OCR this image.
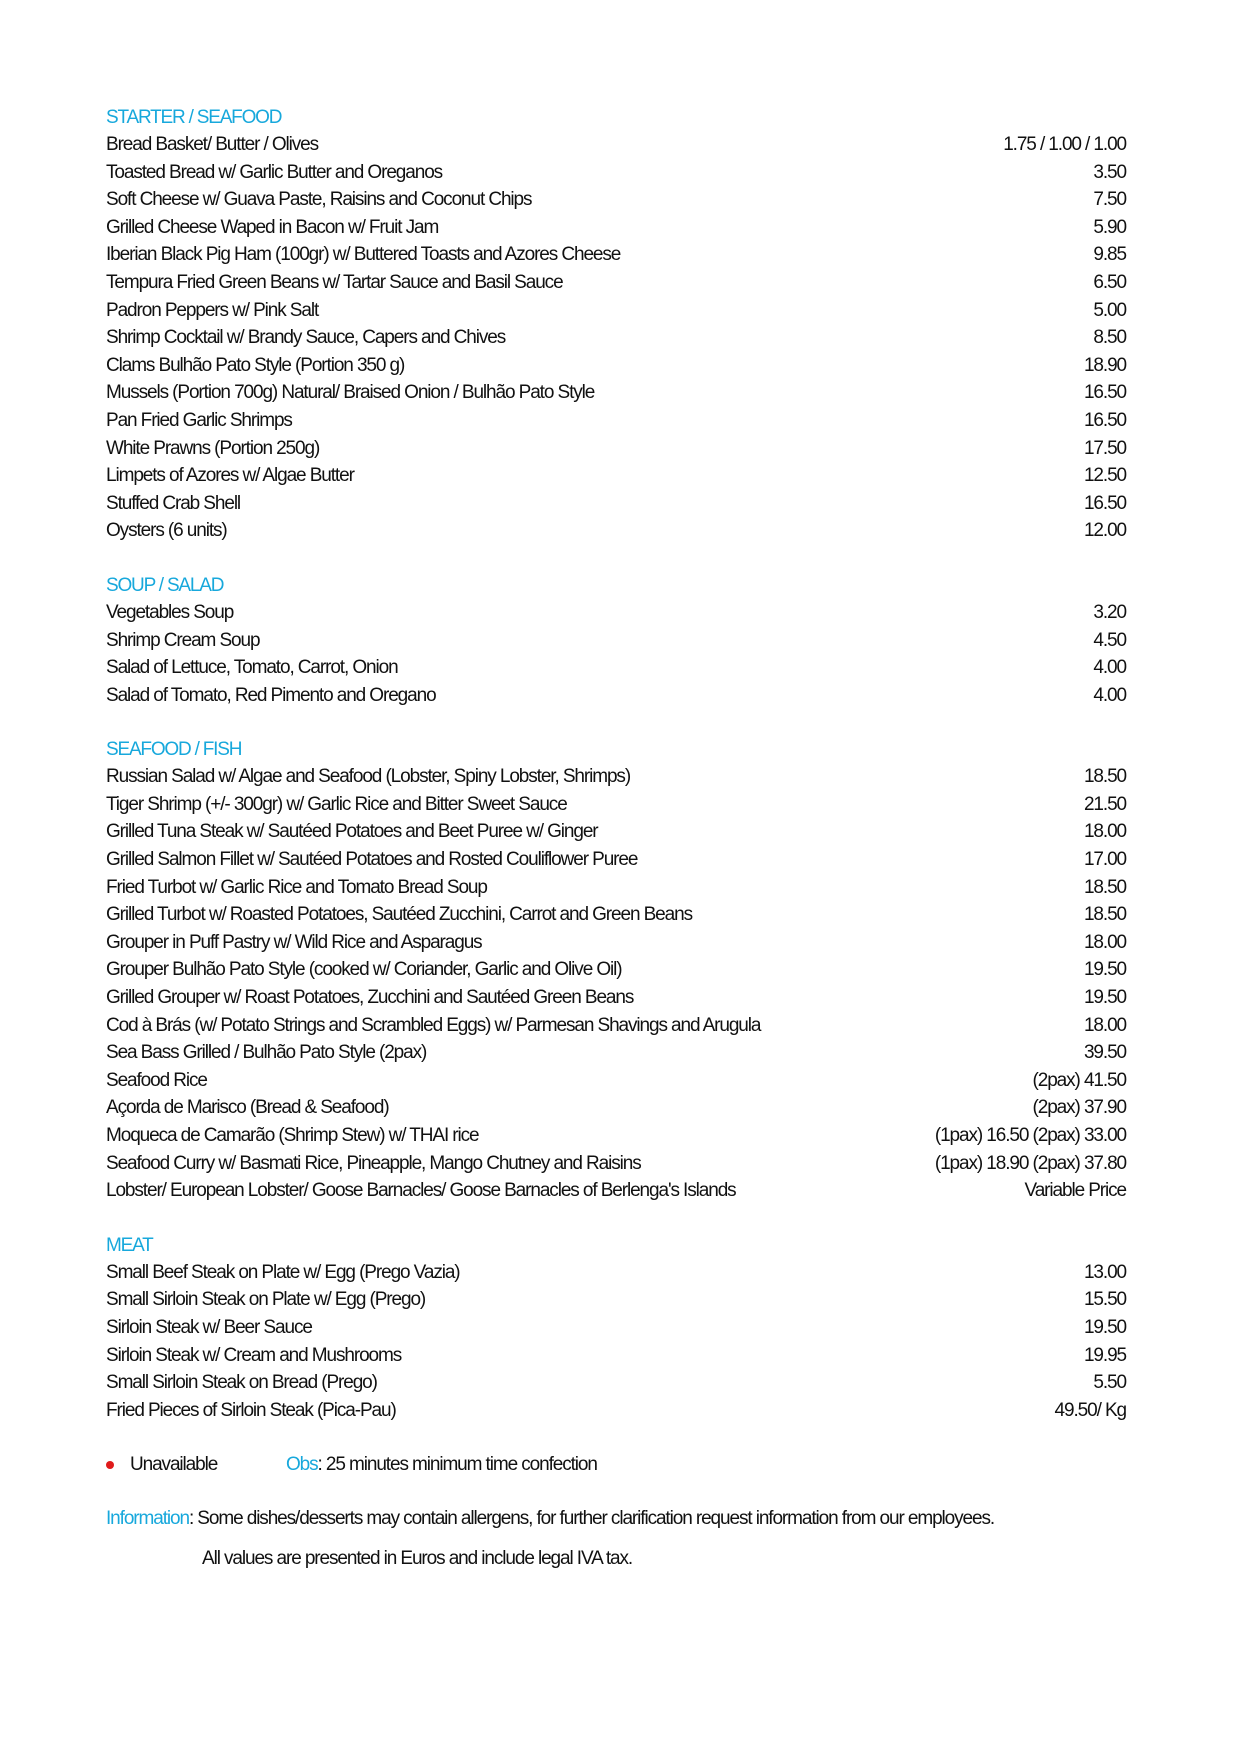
STARTER / SEAFOOD
Bread Basket/ Butter / Olives	1.75 / 1.00 / 1.00
Toasted Bread w/ Garlic Butter and Oreganos	3.50
Soft Cheese w/ Guava Paste, Raisins and Coconut Chips	7.50
Grilled Cheese Waped in Bacon w/ Fruit Jam	5.90
Iberian Black Pig Ham (100gr) w/ Buttered Toasts and Azores Cheese	9.85
Tempura Fried Green Beans w/ Tartar Sauce and Basil Sauce	6.50
Padron Peppers w/ Pink Salt	5.00
Shrimp Cocktail w/ Brandy Sauce, Capers and Chives	8.50
Clams Bulhão Pato Style (Portion 350 g)	18.90
Mussels (Portion 700g) Natural/ Braised Onion / Bulhão Pato Style	16.50
Pan Fried Garlic Shrimps	16.50
White Prawns (Portion 250g)	17.50
Limpets of Azores w/ Algae Butter	12.50
Stuffed Crab Shell	16.50
Oysters (6 units)	12.00
SOUP / SALAD
Vegetables Soup	3.20
Shrimp Cream Soup	4.50
Salad of Lettuce, Tomato, Carrot, Onion	4.00
Salad of Tomato, Red Pimento and Oregano	4.00
SEAFOOD / FISH
Russian Salad w/ Algae and Seafood (Lobster, Spiny Lobster, Shrimps)	18.50
Tiger Shrimp (+/- 300gr) w/ Garlic Rice and Bitter Sweet Sauce	21.50
Grilled Tuna Steak w/ Sautéed Potatoes and Beet Puree w/ Ginger	18.00
Grilled Salmon Fillet w/ Sautéed Potatoes and Rosted Couliflower Puree	17.00
Fried Turbot w/ Garlic Rice and Tomato Bread Soup	18.50
Grilled Turbot w/ Roasted Potatoes, Sautéed Zucchini, Carrot and Green Beans	18.50
Grouper in Puff Pastry w/ Wild Rice and Asparagus	18.00
Grouper Bulhão Pato Style (cooked w/ Coriander, Garlic and Olive Oil)	19.50
Grilled Grouper w/ Roast Potatoes, Zucchini and Sautéed Green Beans	19.50
Cod à Brás (w/ Potato Strings and Scrambled Eggs) w/ Parmesan Shavings and Arugula	18.00
Sea Bass Grilled / Bulhão Pato Style (2pax)	39.50
Seafood Rice	(2pax) 41.50
Açorda de Marisco (Bread & Seafood)	(2pax) 37.90
Moqueca de Camarão (Shrimp Stew) w/ THAI rice	(1pax) 16.50 (2pax) 33.00
Seafood Curry w/ Basmati Rice, Pineapple, Mango Chutney and Raisins	(1pax) 18.90 (2pax) 37.80
Lobster/ European Lobster/ Goose Barnacles/ Goose Barnacles of Berlenga's Islands	Variable Price
MEAT
Small Beef Steak on Plate w/ Egg (Prego Vazia)	13.00
Small Sirloin Steak on Plate w/ Egg (Prego)	15.50
Sirloin Steak w/ Beer Sauce	19.50
Sirloin Steak w/ Cream and Mushrooms	19.95
Small Sirloin Steak on Bread (Prego)	5.50
Fried Pieces of Sirloin Steak (Pica-Pau)	49.50/ Kg
Unavailable	Obs : 25 minutes minimum time confection
Information: Some dishes/desserts may contain allergens, for further clarification request information from our employees.
All values are presented in Euros and include legal IVA tax.
